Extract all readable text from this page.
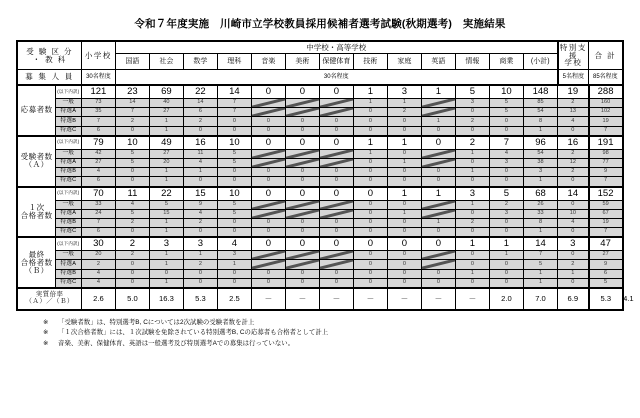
令和７年度実施　川崎市立学校教員採用候補者選考試験(秋期選考)　実施結果
受 験 区 分
・ 教 科	小学校	中学校・高等学校	特別支援
学校
	合 計
			国語	社会	数学	理科	音楽	美術	保健体育	技術	家庭	英語	情報	商業	(小計)			
募 集 人 員		30名程度	30名程度													5名程度	85名程度	

応募者数	(以下内訳)	121	23	69	22	14	0	0	0	1	3	1	5	10	148	19	288	
	一般	73	14	40	14	7				1	1		3	5	85	2	160	
	特選A	35	7	27	6	7				0	2		0	5	54	13	102	
	特選B	7	2	1	2	0	0	0	0	0	0	1	2	0	8	4	19	
	特選C	6	0	1	0	0	0	0	0	0	0	0	0	0	1	0	7	

受験者数
（Ａ）	(以下内訳)	79	10	49	16	10	0	0	0	1	1	0	2	7	96	16	191	
	一般	42	5	27	11	5				1	0		1	4	54	2	98	
	特選A	27	5	20	4	5				0	1		0	3	38	12	77	
	特選B	4	0	1	1	0	0	0	0	0	0	0	1	0	3	2	9	
	特選C	6	0	1	0	0	0	0	0	0	0	0	0	0	1	0	7	

１次
合格者数	(以下内訳)	70	11	22	15	10	0	0	0	0	1	1	3	5	68	14	152	
	一般	33	4	5	9	5				0	0		1	2	26	0	59	
	特選A	24	5	15	4	5				0	1		0	3	33	10	67	
	特選B	7	2	1	2	0	0	0	0	0	0	1	2	0	8	4	19	
	特選C	6	0	1	0	0	0	0	0	0	0	0	0	0	1	0	7	

最終
合格者数
（Ｂ）	(以下内訳)	30	2	3	3	4	0	0	0	0	0	0	1	1	14	3	47	
	一般	20	2	1	1	3				0	0		0	1	7	0	27	
	特選A	2	0	1	2	1				0	0		0	0	5	2	9	
	特選B	4	0	0	0	0	0	0	0	0	0	0	1	0	1	1	6	
	特選C	4	0	1	0	0	0	0	0	0	0	0	0	0	1	0	5	

実質倍率
（Ａ）／（Ｂ）		2.6	5.0	16.3	5.3	2.5	－	－	－	－	－	－	－	2.0	7.0	6.9	5.3	4.1
※	「受験者数」は、特別選考B, Cについては2次試験の受験者数を計上
※	「１次合格者数」には、１次試験を免除されている特別選考B, Cの応募者も合格者として計上
※	音楽、美術、保健体育、英語は一般選考及び特別選考Aでの募集は行っていない。
